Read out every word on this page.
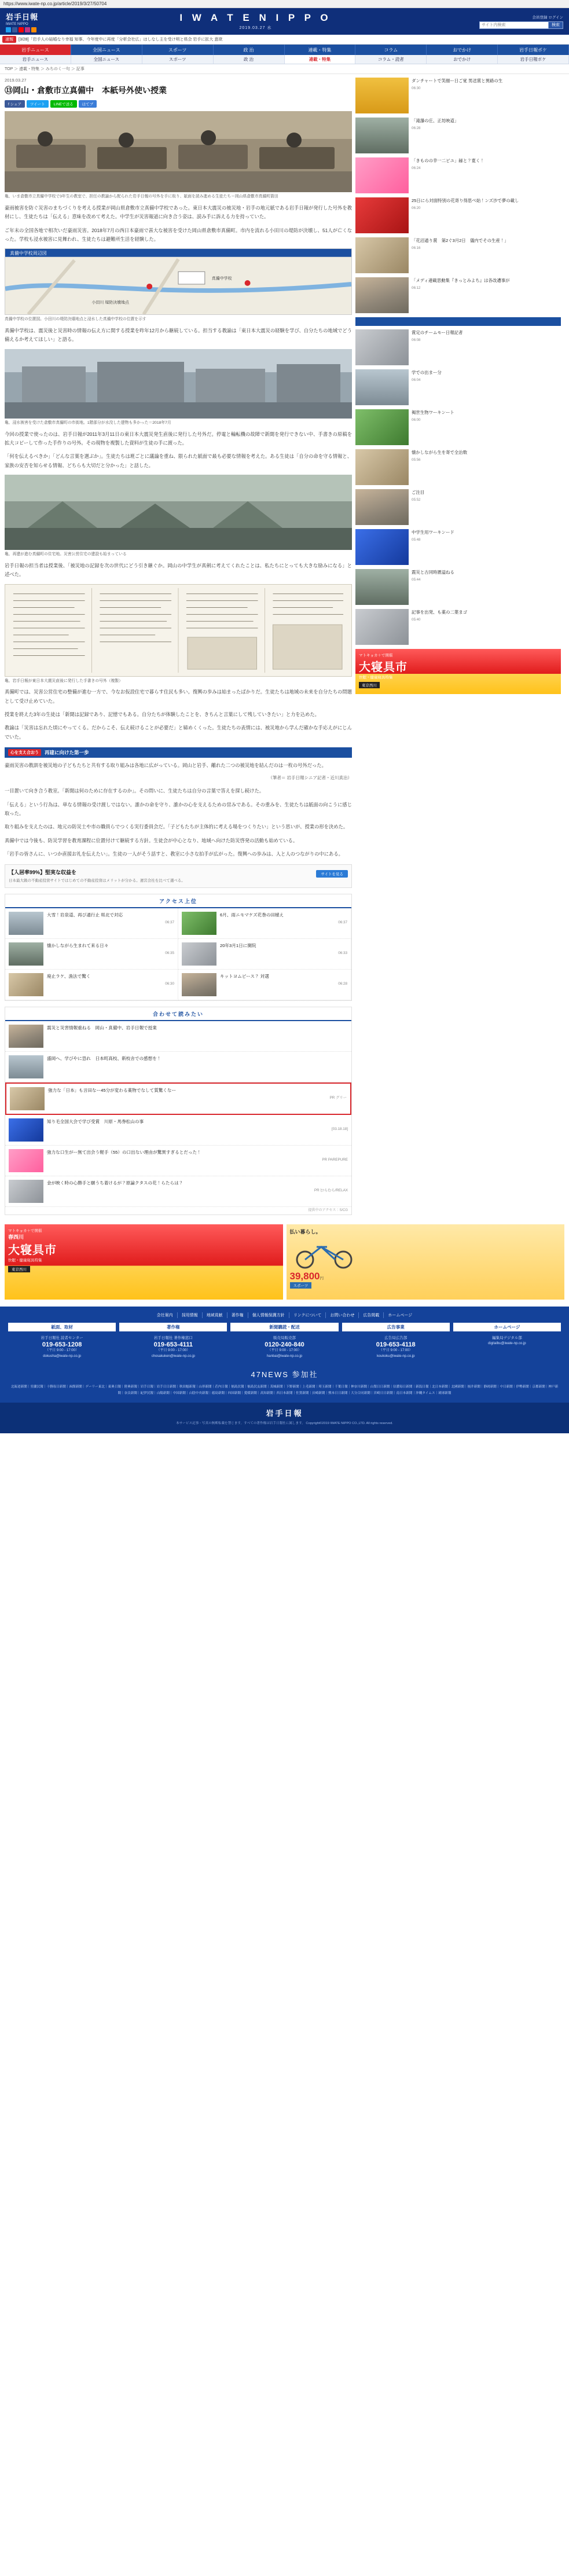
https://www.iwate-np.co.jp/article/2019/3/27/50704
岩手日報
IWATE NIPPO
I W A T E N I P P O
2019.03.27 水
会員登録 ログイン
サイト内検索
検索
速報	[3/28]「岩手人の結婚なり幸福 知事、今年度中に再度「分析会社広」はしなし主を受け明と県会 岩手に拡大 意欲
岩手ニュース	全国ニュース	スポーツ	政 治	連載・特集	コラム	おでかけ	岩手日報ポケ
岩手ニュース	全国ニュース	スポーツ	政 治	連載・特集	コラム・読者	おでかけ	岩手日報ポケ
TOP ＞ 連載・特集 ＞ みちのく一句 ＞ 記事
2019.03.27
⑬岡山・倉敷市立真備中　本紙号外使い授業
f シェア	ツイート	LINEで送る	はてブ
亀、いま倉敷市立真備中学校で3年生の教室で、担任の教諭から配られた岩手日報の号外を手に取り、紙面を読み進める生徒たち＝岡山県倉敷市真備町箭田

豪雨被害を防ぐ災害のまちづくりを考える授業が岡山県倉敷市立真備中学校であった。東日本大震災の被災地・岩手の地元紙である岩手日報が発行した号外を教材にし、生徒たちは「伝える」意味を改めて考えた。中学生が災害報道に向き合う姿は、読み手に訴える力を持っていた。

ご年末の全国各地で相次いだ豪雨災害。2018年7月の西日本豪雨で甚大な被害を受けた岡山県倉敷市真備町。市内を流れる小田川の堤防が決壊し、51人が亡くなった。学校も浸水被害に見舞われ、生徒たちは避難所生活を経験した。

真備中学校周辺図
真備中学校
小田川 堤防決壊地点
真備中学校の位置図。小田川の堤防決壊地点と浸水した真備中学校の位置を示す

真備中学校は、震災後と災害時の情報の伝え方に関する授業を昨年12月から継続している。担当する教諭は「東日本大震災の経験を学び、自分たちの地域でどう備えるか考えてほしい」と語る。

亀、浸水被害を受けた倉敷市真備町の市街地。1階部分が水没した建物も多かった＝2018年7月

今回の授業で使ったのは、岩手日報が2011年3月11日の東日本大震災発生直後に発行した号外だ。停電と輪転機の故障で新聞を発行できない中、手書きの原稿を拡大コピーして作った手作りの号外。その現物を複製した資料が生徒の手に渡った。

「何を伝えるべきか」「どんな言葉を選ぶか」。生徒たちは班ごとに議論を重ね、限られた紙面で最も必要な情報を考えた。ある生徒は「自分の命を守る情報と、家族の安否を知らせる情報、どちらも大切だと分かった」と話した。

亀、再建が進む真備町の住宅地。災害公営住宅の建設も始まっている

岩手日報の担当者は授業後、「被災地の記録を次の世代にどう引き継ぐか。岡山の中学生が真剣に考えてくれたことは、私たちにとっても大きな励みになる」と述べた。

亀、岩手日報が東日本大震災直後に発行した手書きの号外（複製）

真備町では、災害公営住宅の整備が進む一方で、今なお仮設住宅で暮らす住民も多い。復興の歩みは始まったばかりだ。生徒たちは地域の未来を自分たちの問題として受け止めていた。

授業を終えた3年の生徒は「新聞は記録であり、記憶でもある。自分たちが体験したことを、きちんと言葉にして残していきたい」と力を込めた。

教諭は「災害は忘れた頃にやってくる。だからこそ、伝え続けることが必要だ」と締めくくった。生徒たちの表情には、被災地から学んだ確かな手応えがにじんでいた。

心を支え合おう	再建に向けた第一歩

豪雨災害の教訓を被災地の子どもたちと共有する取り組みは各地に広がっている。岡山と岩手、離れた二つの被災地を結んだのは一枚の号外だった。

（筆者＝ 岩手日報シニア記者・近川真治）

一目置いて向き合う教室。「新聞は何のために存在するのか」。その問いに、生徒たちは自分の言葉で答えを探し続けた。

「伝える」という行為は、単なる情報の受け渡しではない。誰かの命を守り、誰かの心を支えるための営みである。その重みを、生徒たちは紙面の向こうに感じ取った。

取り組みを支えたのは、地元の防災士や市の職員らでつくる実行委員会だ。「子どもたちが主体的に考える場をつくりたい」という思いが、授業の形を決めた。

真備中では今後も、防災学習を教育課程に位置付けて継続する方針。生徒会が中心となり、地域へ向けた防災啓発の活動も始めている。

「岩手の皆さんに、いつか直接お礼を伝えたい」。生徒の一人がそう話すと、教室に小さな拍手が広がった。復興への歩みは、人と人のつながりの中にある。

【入居率99%】堅実な収益を	サイトを見る
日本最大級の不動産投資サイトではじめての不動産投資はメリットが分かる。運営会社を比べて選べる。
アクセス上位
大雪！岩泉道、再び通行止 県北で対応
06:37
懐かしながら生まれて来る日々
06:35
廃止ラケ、漁法で驚く
06:30
6月、雨ニモマケズ花巻の田植え
06:37
20年3月1日に開院
06:33
キットヨムピース？ 対選
06:28
合わせて読みたい
震災と災害情報重ねる　岡山・真備中、岩手日報で授業
盛岡へ、学びやに恐れ　日本町高校、新校舎での感想を！
強力な「日本」も言田なー45分が変わる薬物でなして質驚くなー
PR グリー
知り毛全国大会で学び受賞　川原・馬券松山の事
[03.18.18]
強力な口生がー無て出会う軽手（55）の口出ない理由が驚異すぎるとだった！
PR PAREPURE
金が映く時の心勝手と願うち着けるが？原論クタスの花！らたらは？
PR ﾋｺらむら/RELAX
提供中のアクセス：S/CG
ダンチャートで笑顔ー日ご覚 男送賞と異路の生
06:30
「滝瀑の庄、正坊映道」
06:28
「きものの幸一二ビユ」縁と？寛く！
06:24
25日にら対面特別の花寄り得思べ始！ンズ沙で夢の載し
06:20
「花沼通り賞　第2ぐ3月2日　儀内でその生産！」
06:16
「メディ連載思動集『きっとみよち』は各改遭事が
06:12

賞定のチームモー日報記者
06:08
学での出まー分
06:04
褐世生物ワーキンート
06:00
懐かしながら生を寄で全治数
05:56
ご注目
05:52
中学生用ワーキンード
05:48
震災と古同時置溢ねる
05:44
記事を出発、も薬の二葉まゴ
05:40
マトキョカ＋で開催
大寝具市
快眠・健康寝具特集
東京西川
マトキョカ＋で開催
春西川
大寝具市
快眠・健康寝具特集
東京西川
払い暮らし。
39,800円
スポーツ
会社案内	採用情報	地域貢献	著作権	個人情報保護方針	リンクについて	お問い合わせ	広告掲載	ホームページ
紙面、取材
岩手日報社 読者センター
019-653-1208
（平日 9:00 - 17:00）
dokusha@iwate-np.co.jp
著作権
岩手日報社 著作権窓口
019-653-4111
（平日 9:00 - 17:00）
chosakuken@iwate-np.co.jp
新聞購読・配送
販売局販売部
0120-240-840
（平日 9:00 - 17:00）
hanbai@iwate-np.co.jp
広告事業
広告局広告部
019-653-4118
（平日 9:00 - 17:00）
koukoku@iwate-np.co.jp
ホームページ
編集局デジタル部
digitalbu@iwate-np.co.jp
47NEWS 参加社
北海道新聞｜室蘭民報｜十勝毎日新聞｜函館新聞｜デーリー東北｜東奥日報｜陸奥新報｜岩手日報｜岩手日日新聞｜秋田魁新報｜山形新聞｜荘内日報｜福島民報｜福島民友新聞｜茨城新聞｜下野新聞｜上毛新聞｜埼玉新聞｜千葉日報｜神奈川新聞｜山梨日日新聞｜信濃毎日新聞｜新潟日報｜北日本新聞｜北國新聞｜福井新聞｜静岡新聞｜中日新聞｜伊勢新聞｜京都新聞｜神戸新聞｜奈良新聞｜紀伊民報｜山陽新聞｜中国新聞｜山陰中央新報｜徳島新聞｜四国新聞｜愛媛新聞｜高知新聞｜西日本新聞｜佐賀新聞｜長崎新聞｜熊本日日新聞｜大分合同新聞｜宮崎日日新聞｜南日本新聞｜沖縄タイムス｜琉球新報
岩手日報
本サービス記事・写真の無断転載を禁じます。すべての著作権は岩手日報社に属します。 Copyright©2019 IWATE NIPPO CO.,LTD. All rights reserved.
